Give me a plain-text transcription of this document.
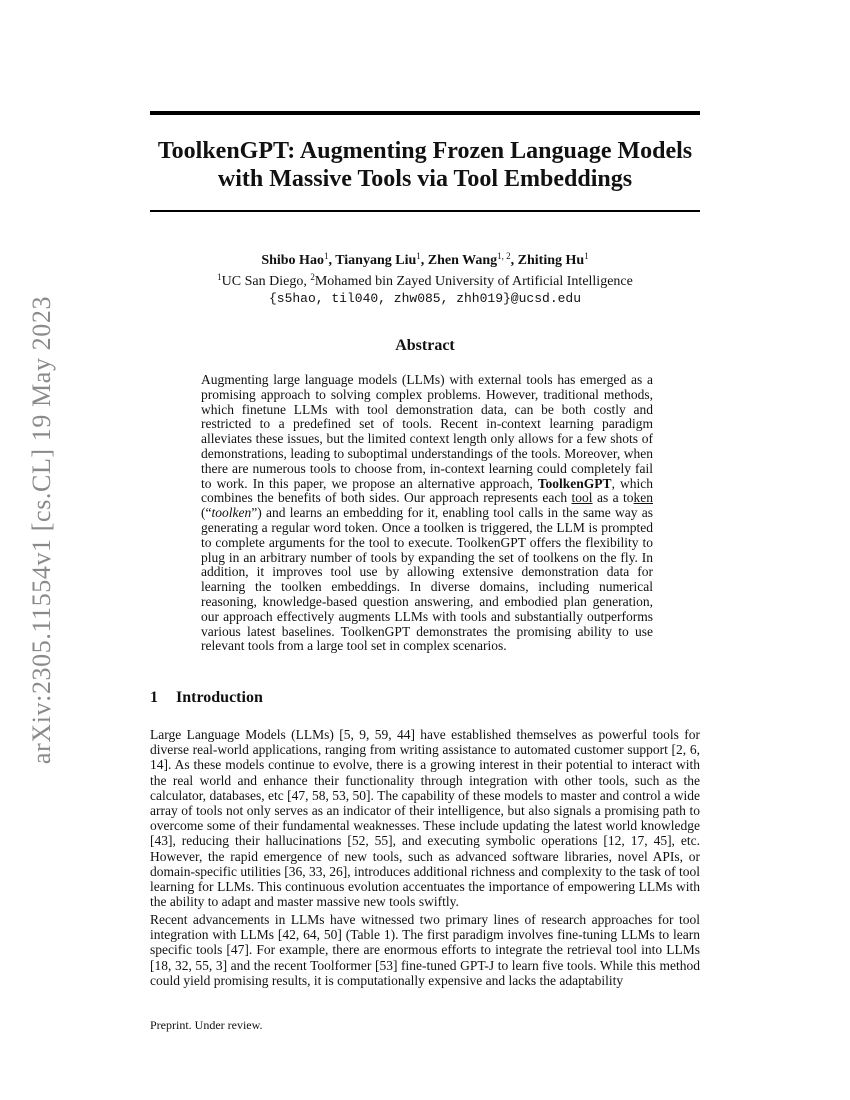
arXiv:2305.11554v1 [cs.CL] 19 May 2023
ToolkenGPT: Augmenting Frozen Language Models
with Massive Tools via Tool Embeddings
Shibo Hao$^1$, Tianyang Liu$^1$, Zhen Wang$^{1, 2}$, Zhiting Hu$^1$
$^1$UC San Diego, $^2$Mohamed bin Zayed University of Artificial Intelligence
{s5hao, til040, zhw085, zhh019}@ucsd.edu
Abstract
Augmenting large language models (LLMs) with external tools has emerged as a promising approach to solving complex problems. However, traditional methods, which finetune LLMs with tool demonstration data, can be both costly and restricted to a predefined set of tools. Recent in-context learning paradigm alleviates these issues, but the limited context length only allows for a few shots of demonstrations, leading to suboptimal understandings of the tools. Moreover, when there are numerous tools to choose from, in-context learning could completely fail to work. In this paper, we propose an alternative approach, ToolkenGPT, which combines the benefits of both sides. Our approach represents each tool as a token (“toolken”) and learns an embedding for it, enabling tool calls in the same way as generating a regular word token. Once a toolken is triggered, the LLM is prompted to complete arguments for the tool to execute. ToolkenGPT offers the flexibility to plug in an arbitrary number of tools by expanding the set of toolkens on the fly. In addition, it improves tool use by allowing extensive demonstration data for learning the toolken embeddings. In diverse domains, including numerical reasoning, knowledge-based question answering, and embodied plan generation, our approach effectively augments LLMs with tools and substantially outperforms various latest baselines. ToolkenGPT demonstrates the promising ability to use relevant tools from a large tool set in complex scenarios.
1 Introduction
Large Language Models (LLMs) [5, 9, 59, 44] have established themselves as powerful tools for diverse real-world applications, ranging from writing assistance to automated customer support [2, 6, 14]. As these models continue to evolve, there is a growing interest in their potential to interact with the real world and enhance their functionality through integration with other tools, such as the calculator, databases, etc [47, 58, 53, 50]. The capability of these models to master and control a wide array of tools not only serves as an indicator of their intelligence, but also signals a promising path to overcome some of their fundamental weaknesses. These include updating the latest world knowledge [43], reducing their hallucinations [52, 55], and executing symbolic operations [12, 17, 45], etc. However, the rapid emergence of new tools, such as advanced software libraries, novel APIs, or domain-specific utilities [36, 33, 26], introduces additional richness and complexity to the task of tool learning for LLMs. This continuous evolution accentuates the importance of empowering LLMs with the ability to adapt and master massive new tools swiftly.
Recent advancements in LLMs have witnessed two primary lines of research approaches for tool integration with LLMs [42, 64, 50] (Table 1). The first paradigm involves fine-tuning LLMs to learn specific tools [47]. For example, there are enormous efforts to integrate the retrieval tool into LLMs [18, 32, 55, 3] and the recent Toolformer [53] fine-tuned GPT-J to learn five tools. While this method could yield promising results, it is computationally expensive and lacks the adaptability
Preprint. Under review.
